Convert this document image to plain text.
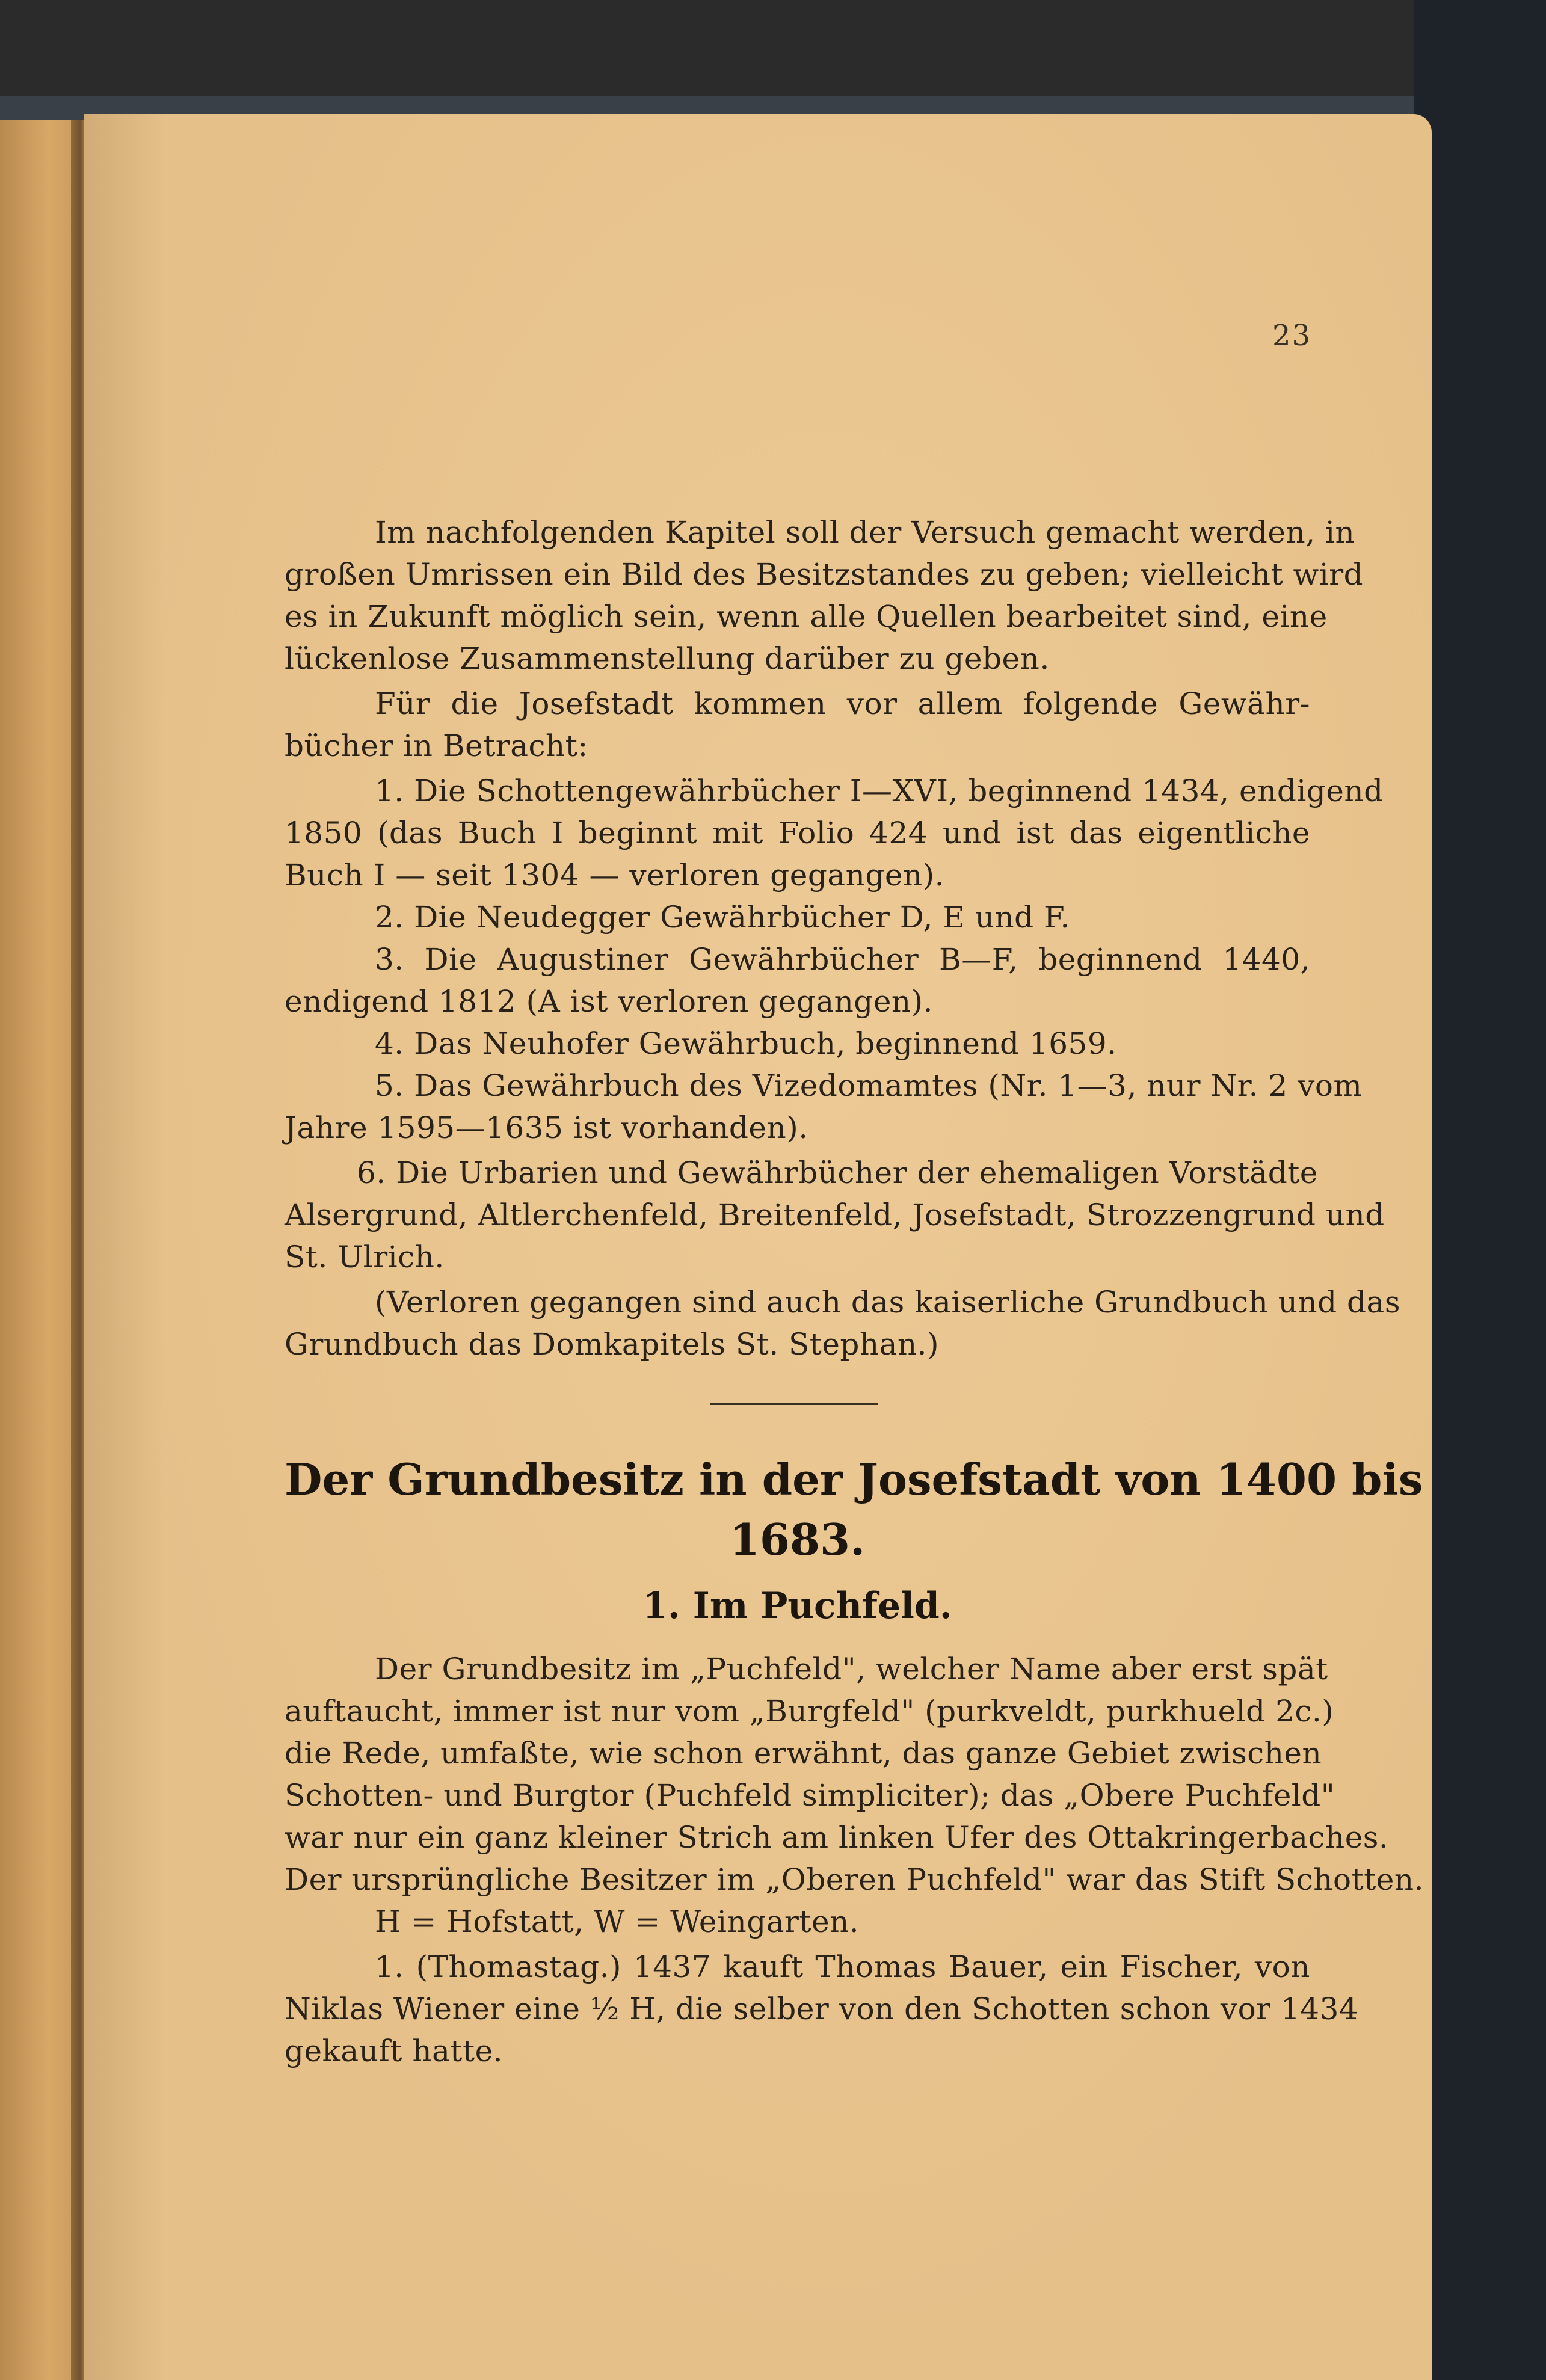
23
Im nachfolgenden Kapitel soll der Versuch gemacht werden, in
großen Umrissen ein Bild des Besitzstandes zu geben; vielleicht wird
es in Zukunft möglich sein, wenn alle Quellen bearbeitet sind, eine
lückenlose Zusammenstellung darüber zu geben.
Für die Josefstadt kommen vor allem folgende Gewähr-
bücher in Betracht:
1. Die Schottengewährbücher I—XVI, beginnend 1434, endigend
1850 (das Buch I beginnt mit Folio 424 und ist das eigentliche
Buch I — seit 1304 — verloren gegangen).
2. Die Neudegger Gewährbücher D, E und F.
3. Die Augustiner Gewährbücher B—F, beginnend 1440,
endigend 1812 (A ist verloren gegangen).
4. Das Neuhofer Gewährbuch, beginnend 1659.
5. Das Gewährbuch des Vizedomamtes (Nr. 1—3, nur Nr. 2 vom
Jahre 1595—1635 ist vorhanden).
6. Die Urbarien und Gewährbücher der ehemaligen Vorstädte
Alsergrund, Altlerchenfeld, Breitenfeld, Josefstadt, Strozzengrund und
St. Ulrich.
(Verloren gegangen sind auch das kaiserliche Grundbuch und das
Grundbuch das Domkapitels St. Stephan.)
Der Grundbesitz in der Josefstadt von 1400 bis
1683.
1. Im Puchfeld.
Der Grundbesitz im „Puchfeld", welcher Name aber erst spät
auftaucht, immer ist nur vom „Burgfeld" (purkveldt, purkhueld 2c.)
die Rede, umfaßte, wie schon erwähnt, das ganze Gebiet zwischen
Schotten- und Burgtor (Puchfeld simpliciter); das „Obere Puchfeld"
war nur ein ganz kleiner Strich am linken Ufer des Ottakringerbaches.
Der ursprüngliche Besitzer im „Oberen Puchfeld" war das Stift Schotten.
H = Hofstatt, W = Weingarten.
1. (Thomastag.) 1437 kauft Thomas Bauer, ein Fischer, von
Niklas Wiener eine ½ H, die selber von den Schotten schon vor 1434
gekauft hatte.
